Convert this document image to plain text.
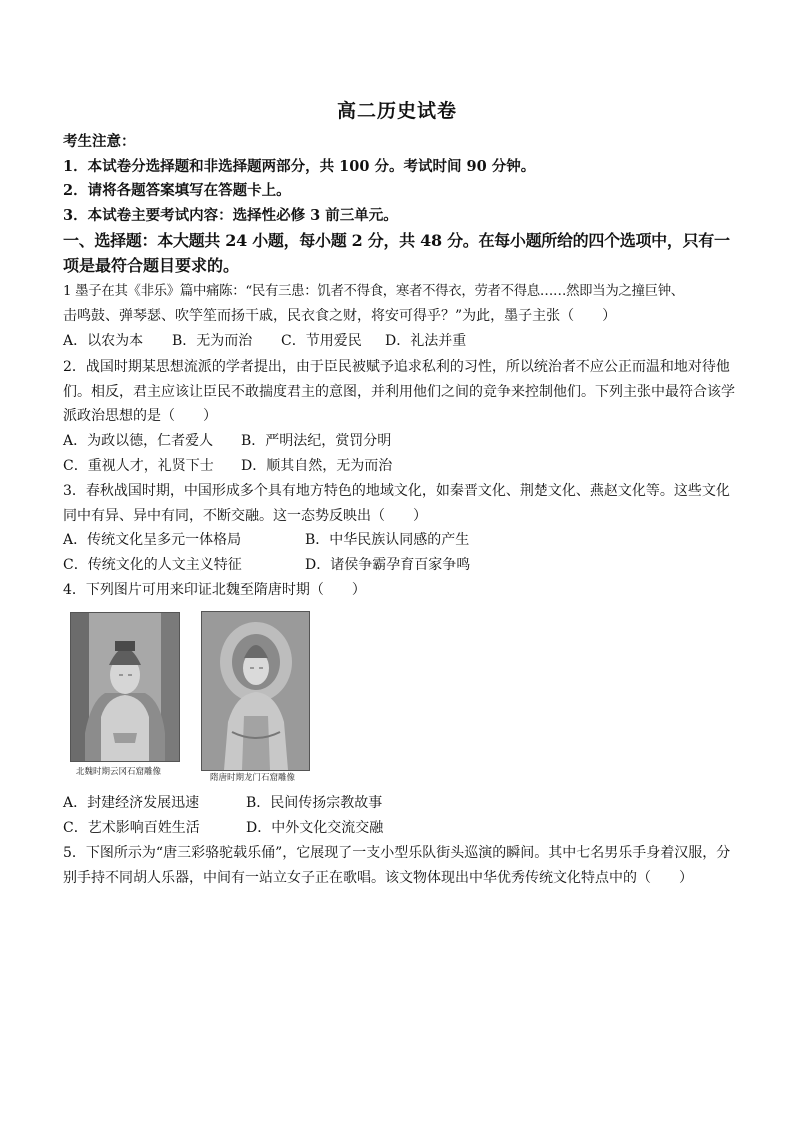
高二历史试卷
考生注意：
1．本试卷分选择题和非选择题两部分，共 100 分。考试时间 90 分钟。
2．请将各题答案填写在答题卡上。
3．本试卷主要考试内容：选择性必修 3 前三单元。
一、选择题：本大题共 24 小题，每小题 2 分，共 48 分。在每小题所给的四个选项中，只有一
项是最符合题目要求的。
1 墨子在其《非乐》篇中痛陈：“民有三患：饥者不得食，寒者不得衣，劳者不得息……然即当为之撞巨钟、
击鸣鼓、弹琴瑟、吹竽笙而扬干戚，民衣食之财，将安可得乎？”为此，墨子主张（　　）
A．以农为本 B．无为而治 C．节用爱民 D．礼法并重
2．战国时期某思想流派的学者提出，由于臣民被赋予追求私利的习性，所以统治者不应公正而温和地对待他
们。相反，君主应该让臣民不敢揣度君主的意图，并利用他们之间的竞争来控制他们。下列主张中最符合该学
派政治思想的是（　　）
A．为政以德，仁者爱人 B．严明法纪，赏罚分明
C．重视人才，礼贤下士 D．顺其自然，无为而治
3．春秋战国时期，中国形成多个具有地方特色的地域文化，如秦晋文化、荆楚文化、燕赵文化等。这些文化
同中有异、异中有同，不断交融。这一态势反映出（　　）
A．传统文化呈多元一体格局	B．中华民族认同感的产生
C．传统文化的人文主义特征	D．诸侯争霸孕育百家争鸣
4．下列图片可用来印证北魏至隋唐时期（　　）
北魏时期云冈石窟雕像
隋唐时期龙门石窟雕像
A．封建经济发展迅速	B．民间传扬宗教故事
C．艺术影响百姓生活	D．中外文化交流交融
5．下图所示为“唐三彩骆驼载乐俑”，它展现了一支小型乐队街头巡演的瞬间。其中七名男乐手身着汉服，分
别手持不同胡人乐器，中间有一站立女子正在歌唱。该文物体现出中华优秀传统文化特点中的（　　）
